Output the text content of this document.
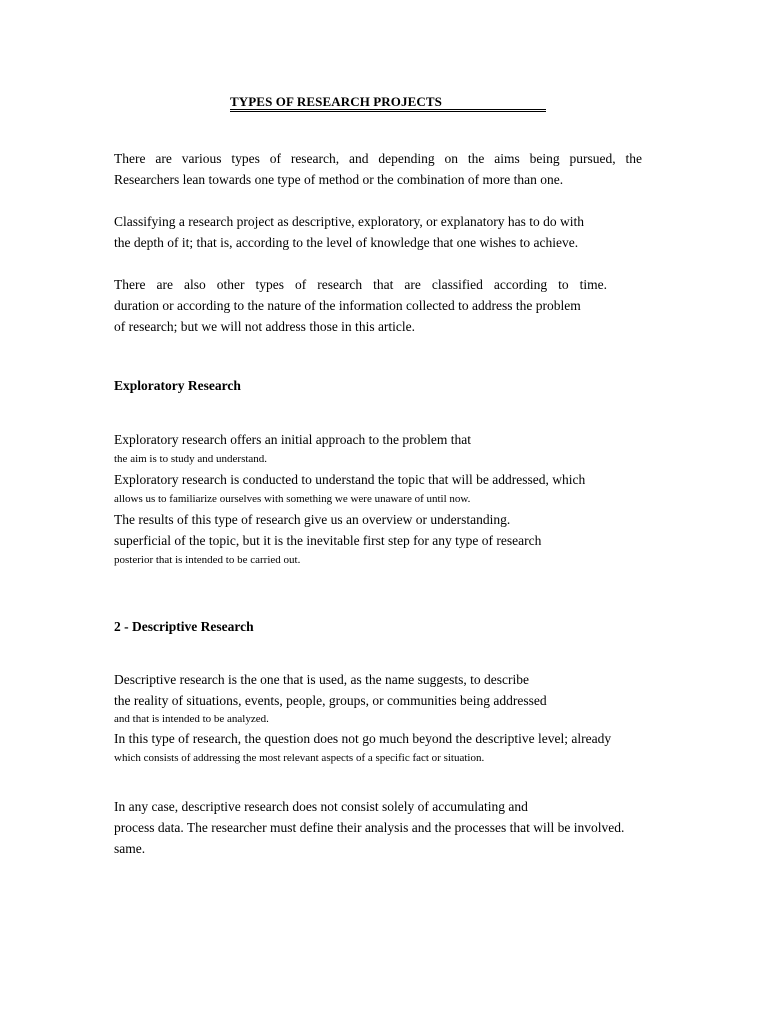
TYPES OF RESEARCH PROJECTS
There are various types of research, and depending on the aims being pursued, the
Researchers lean towards one type of method or the combination of more than one.
Classifying a research project as descriptive, exploratory, or explanatory has to do with
the depth of it; that is, according to the level of knowledge that one wishes to achieve.
There are also other types of research that are classified according to time.
duration or according to the nature of the information collected to address the problem
of research; but we will not address those in this article.
Exploratory Research
Exploratory research offers an initial approach to the problem that
the aim is to study and understand.
Exploratory research is conducted to understand the topic that will be addressed, which
allows us to familiarize ourselves with something we were unaware of until now.
The results of this type of research give us an overview or understanding.
superficial of the topic, but it is the inevitable first step for any type of research
posterior that is intended to be carried out.
2 - Descriptive Research
Descriptive research is the one that is used, as the name suggests, to describe
the reality of situations, events, people, groups, or communities being addressed
and that is intended to be analyzed.
In this type of research, the question does not go much beyond the descriptive level; already
which consists of addressing the most relevant aspects of a specific fact or situation.
In any case, descriptive research does not consist solely of accumulating and
process data. The researcher must define their analysis and the processes that will be involved.
same.
